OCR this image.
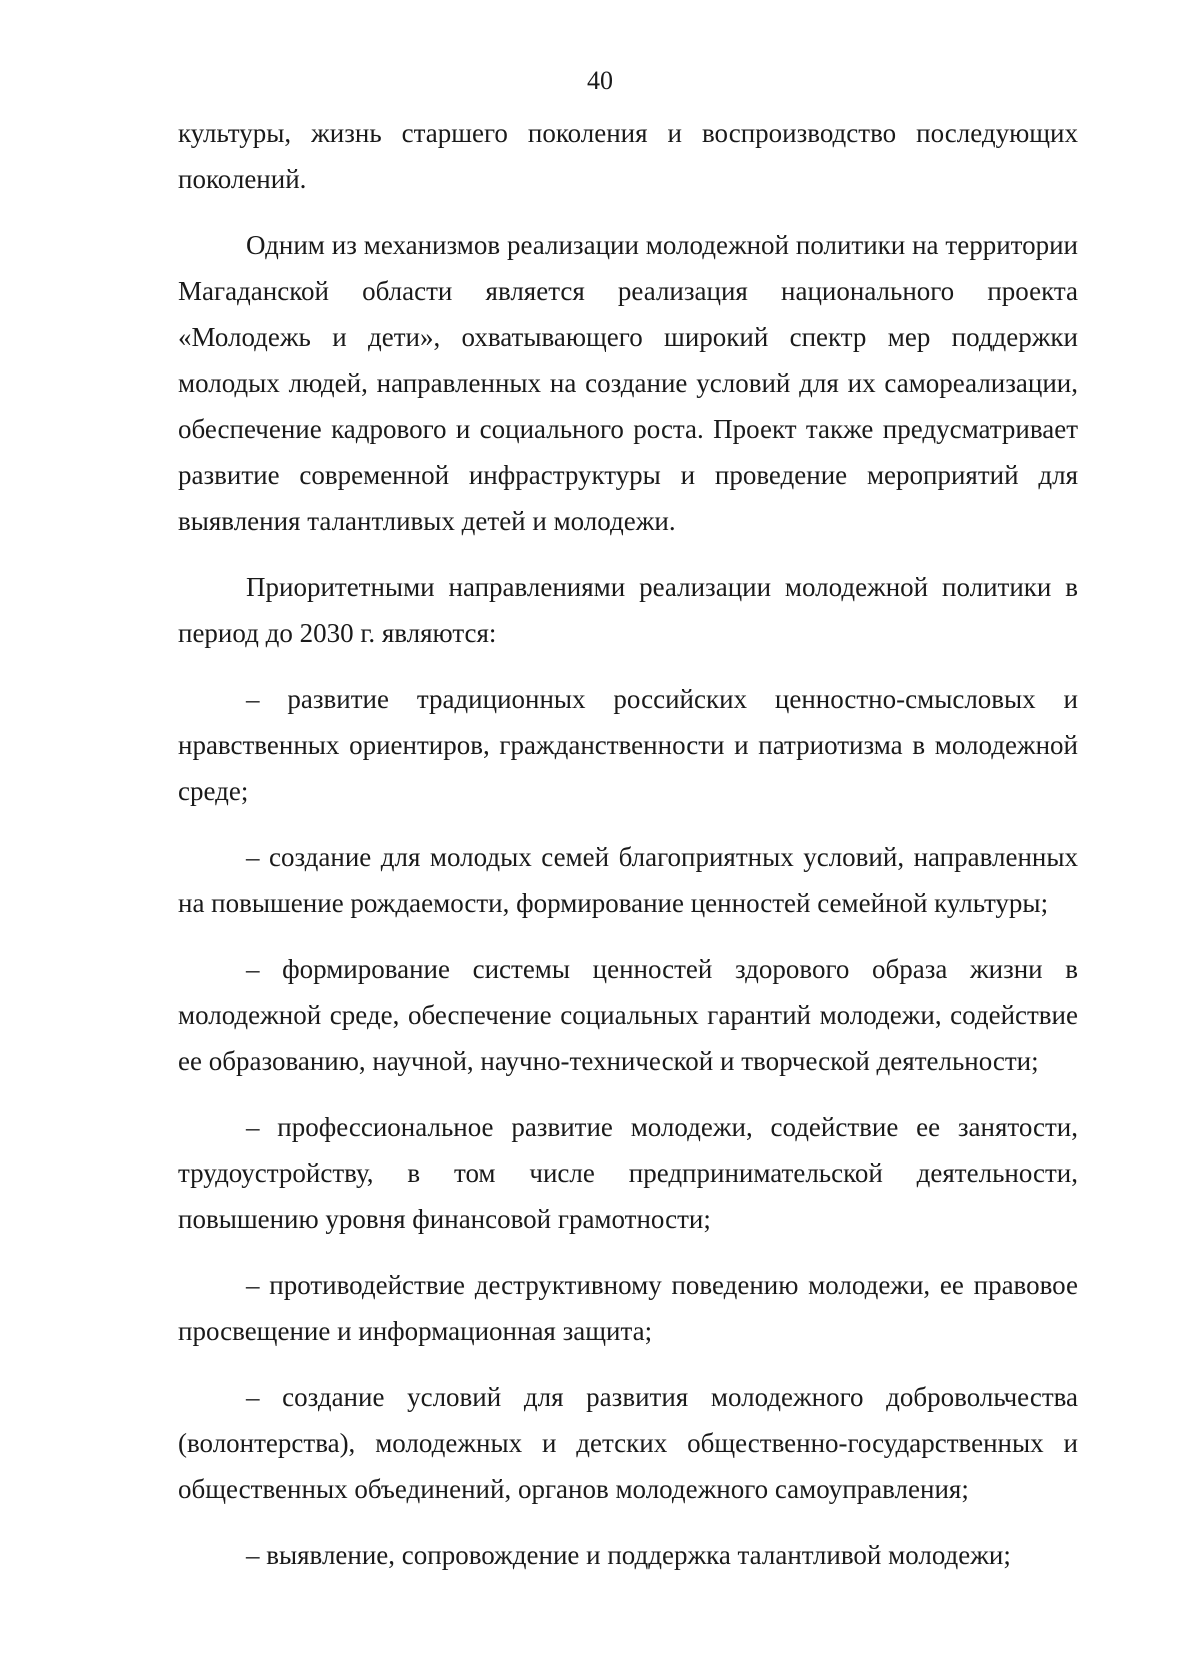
40

культуры, жизнь старшего поколения и воспроизводство последующих поколений.

Одним из механизмов реализации молодежной политики на территории Магаданской области является реализация национального проекта «Молодежь и дети», охватывающего широкий спектр мер поддержки молодых людей, направленных на создание условий для их самореализации, обеспечение кадрового и социального роста. Проект также предусматривает развитие современной инфраструктуры и проведение мероприятий для выявления талантливых детей и молодежи.

Приоритетными направлениями реализации молодежной политики в период до 2030 г. являются:

– развитие традиционных российских ценностно-смысловых и нравственных ориентиров, гражданственности и патриотизма в молодежной среде;

– создание для молодых семей благоприятных условий, направленных на повышение рождаемости, формирование ценностей семейной культуры;

– формирование системы ценностей здорового образа жизни в молодежной среде, обеспечение социальных гарантий молодежи, содействие ее образованию, научной, научно-технической и творческой деятельности;

– профессиональное развитие молодежи, содействие ее занятости, трудоустройству, в том числе предпринимательской деятельности, повышению уровня финансовой грамотности;

– противодействие деструктивному поведению молодежи, ее правовое просвещение и информационная защита;

– создание условий для развития молодежного добровольчества (волонтерства), молодежных и детских общественно-государственных и общественных объединений, органов молодежного самоуправления;

– выявление, сопровождение и поддержка талантливой молодежи;
